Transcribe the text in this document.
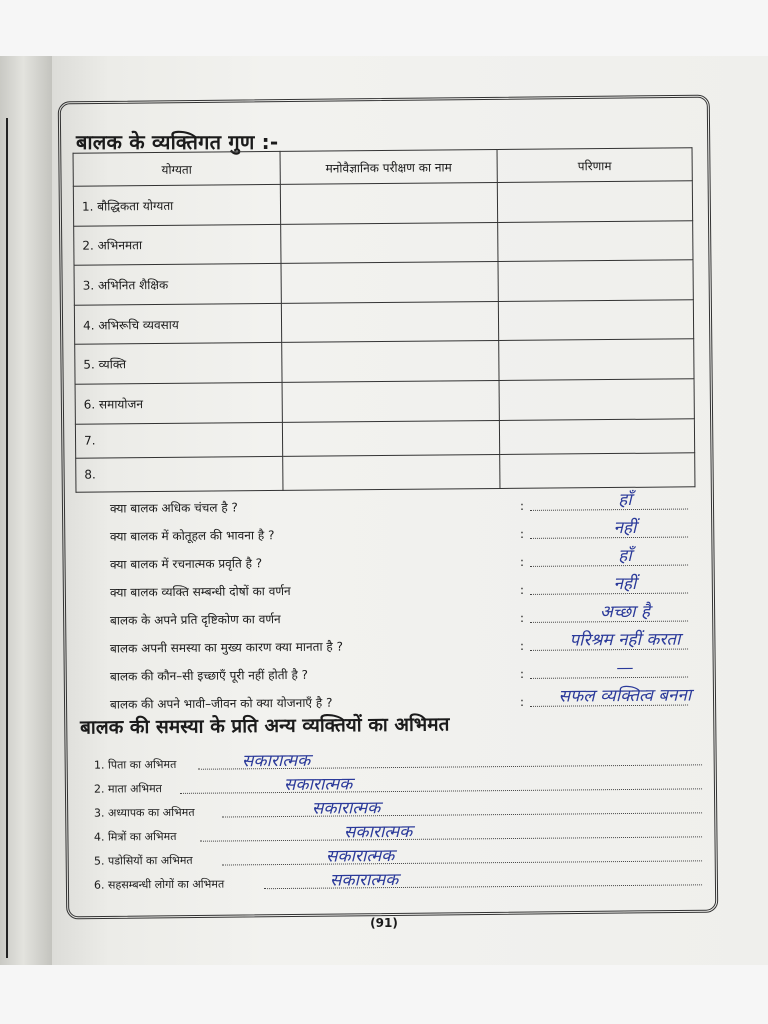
बालक के व्यक्तिगत गुण :-
योग्यता	मनोवैज्ञानिक परीक्षण का नाम	परिणाम
1. बौद्धिकता योग्यता		
2. अभिनमता		
3. अभिनित शैक्षिक		
4. अभिरूचि व्यवसाय		
5. व्यक्ति		
6. समायोजन		
7.		
8.		
क्या बालक अधिक चंचल है ?	:	हाँ
क्या बालक में कोतूहल की भावना है ?	:	नहीं
क्या बालक में रचनात्मक प्रवृति है ?	:	हाँ
क्या बालक व्यक्ति सम्बन्धी दोषों का वर्णन	:	नहीं
बालक के अपने प्रति दृष्टिकोण का वर्णन	:	अच्छा है
बालक अपनी समस्या का मुख्य कारण क्या मानता है ?	:	परिश्रम नहीं करता
बालक की कौन–सी इच्छाएँ पूरी नहीं होती है ?	:	—
बालक की अपने भावी–जीवन को क्या योजनाएँ है ?	:	सफल व्यक्तित्व बनना
बालक की समस्या के प्रति अन्य व्यक्तियों का अभिमत
1. पिता का अभिमत	सकारात्मक
2. माता अभिमत	सकारात्मक
3. अध्यापक का अभिमत	सकारात्मक
4. मित्रों का अभिमत	सकारात्मक
5. पडोसियों का अभिमत	सकारात्मक
6. सहसम्बन्धी लोगों का अभिमत	सकारात्मक
(91)
